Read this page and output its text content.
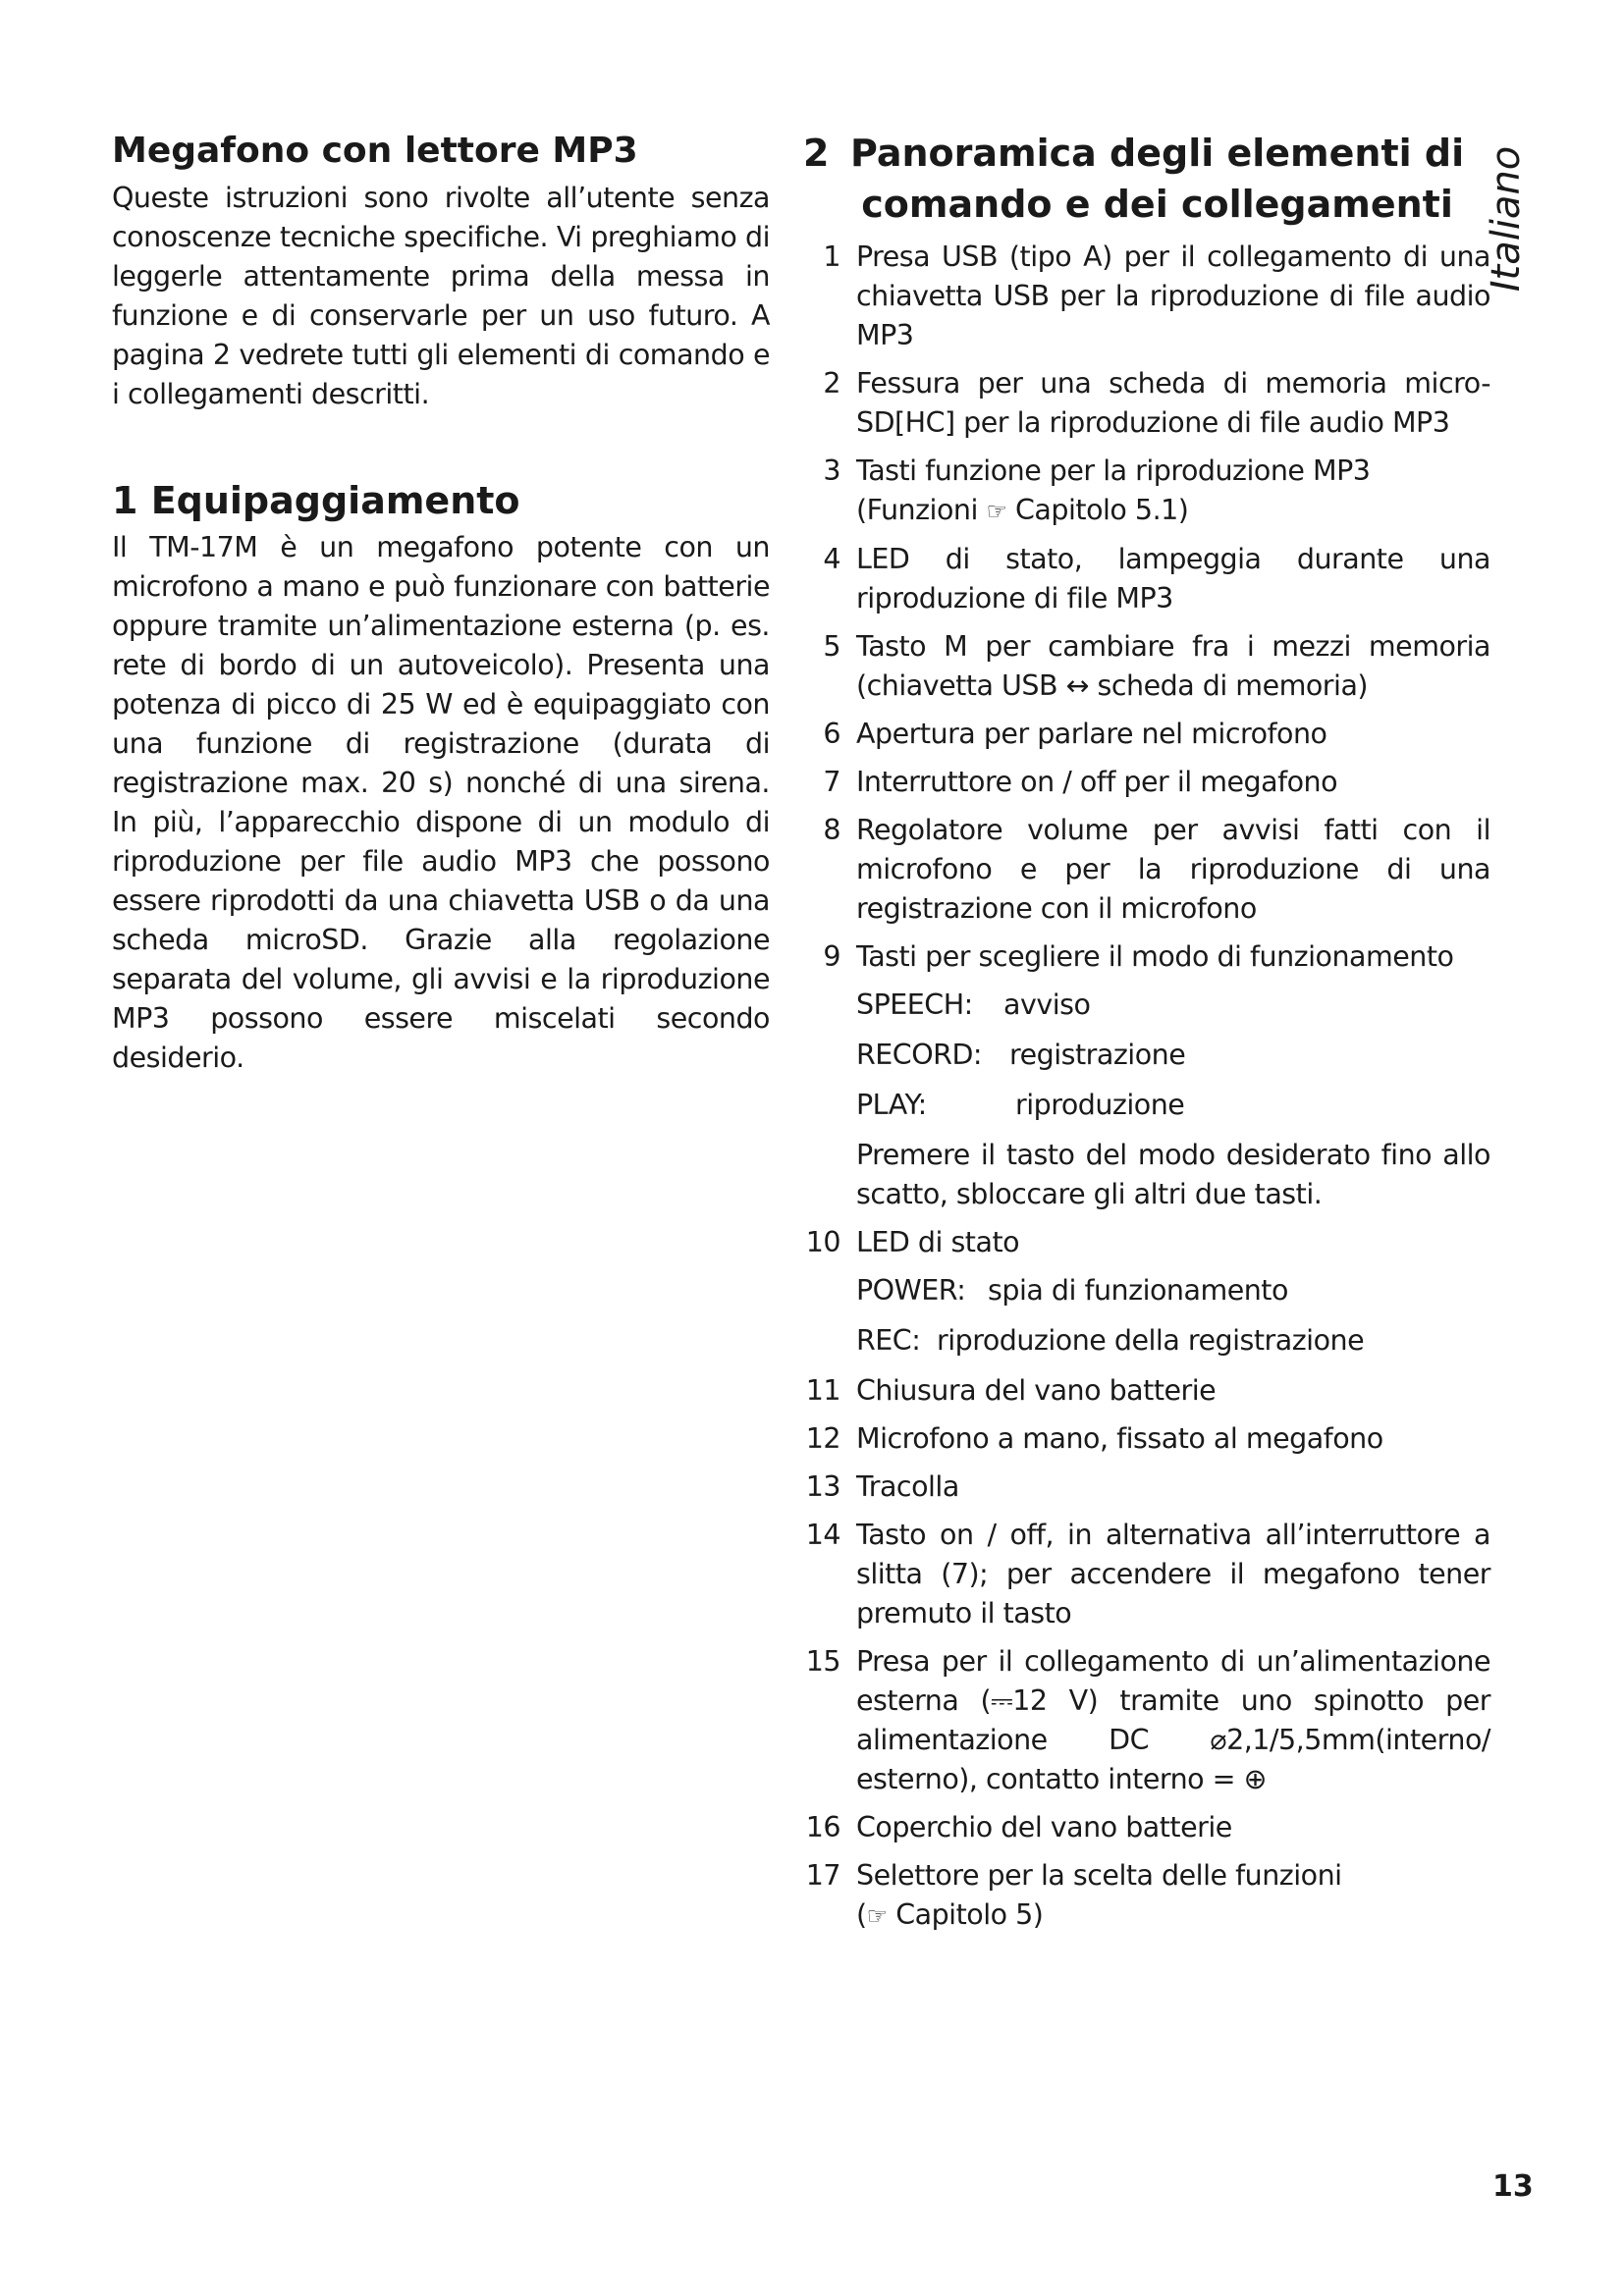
Italiano
Megafono con lettore MP3

Queste istruzioni sono rivolte all’utente senza conoscenze tecniche specifiche. Vi preghiamo di leggerle attentamente prima della messa in funzione e di conservarle per un uso futuro. A pagina 2 vedrete tutti gli elementi di comando e i collegamenti descritti.

1 Equipaggiamento

Il TM-17M è un megafono potente con un microfono a mano e può funzionare con batterie oppure tramite un’alimentazione esterna (p. es. rete di bordo di un autoveicolo). Presenta una potenza di picco di 25 W ed è equipaggiato con una funzione di registrazione (durata di registrazione max. 20 s) nonché di una sirena. In più, l’apparecchio dispone di un modulo di riproduzione per file audio MP3 che possono essere riprodotti da una chiavetta USB o da una scheda microSD. Grazie alla regolazione separata del volume, gli avvisi e la riproduzione MP3 possono essere miscelati secondo desiderio.

2 Panoramica degli elementi di
comando e dei collegamenti
1 Presa USB (tipo A) per il collegamento di una chiavetta USB per la riproduzione di file audio MP3
2 Fessura per una scheda di memoria micro-SD[HC] per la riproduzione di file audio MP3
3 Tasti funzione per la riproduzione MP3
(Funzioni ☞ Capitolo 5.1)
4 LED di stato, lampeggia durante una riproduzione di file MP3
5 Tasto M per cambiare fra i mezzi memoria (chiavetta USB ↔ scheda di memoria)
6 Apertura per parlare nel microfono
7 Interruttore on / off per il megafono
8 Regolatore volume per avvisi fatti con il microfono e per la riproduzione di una registrazione con il microfono
9 Tasti per scegliere il modo di funzionamento
SPEECH: avviso
RECORD: registrazione
PLAY:	riproduzione
Premere il tasto del modo desiderato fino allo scatto, sbloccare gli altri due tasti.
10 LED di stato
POWER: spia di funzionamento
REC: riproduzione della registrazione
11 Chiusura del vano batterie
12 Microfono a mano, fissato al megafono
13 Tracolla
14 Tasto on / off, in alternativa all’interruttore a slitta (7); per accendere il megafono tener premuto il tasto
15 Presa per il collegamento di un’alimentazione esterna (⎓12 V) tramite uno spinotto per alimentazione DC ⌀2,1/5,5mm(interno/ esterno), contatto interno = ⊕
16 Coperchio del vano batterie
17 Selettore per la scelta delle funzioni
(☞ Capitolo 5)
13
